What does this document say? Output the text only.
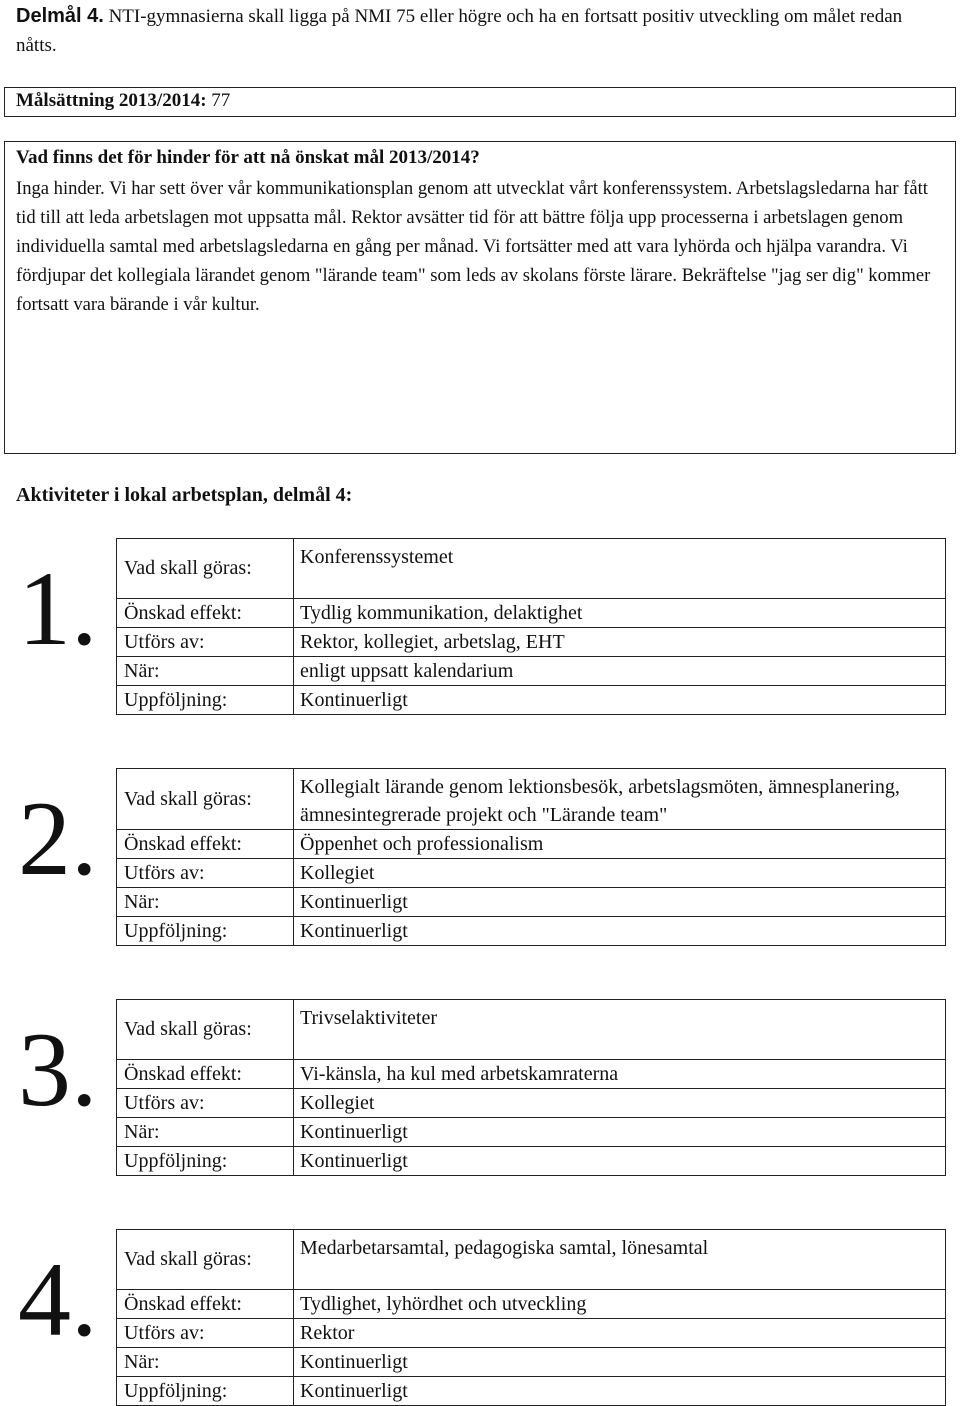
Delmål 4. NTI-gymnasierna skall ligga på NMI 75 eller högre och ha en fortsatt positiv utveckling om målet redan nåtts.
Målsättning 2013/2014: 77
Vad finns det för hinder för att nå önskat mål 2013/2014?
Inga hinder. Vi har sett över vår kommunikationsplan genom att utvecklat vårt konferenssystem. Arbetslagsledarna har fått tid till att leda arbetslagen mot uppsatta mål. Rektor avsätter tid för att bättre följa upp processerna i arbetslagen genom individuella samtal med arbetslagsledarna en gång per månad. Vi fortsätter med att vara lyhörda och hjälpa varandra. Vi fördjupar det kollegiala lärandet genom "lärande team" som leds av skolans förste lärare. Bekräftelse "jag ser dig" kommer fortsatt vara bärande i vår kultur.
Aktiviteter i lokal arbetsplan, delmål 4:
1. Vad skall göras:	Konferenssystemet
Önskad effekt:	Tydlig kommunikation, delaktighet
Utförs av:	Rektor, kollegiet, arbetslag, EHT
När:	enligt uppsatt kalendarium
Uppföljning:	Kontinuerligt
2. Vad skall göras:	Kollegialt lärande genom lektionsbesök, arbetslagsmöten, ämnesplanering, ämnesintegrerade projekt och "Lärande team"
Önskad effekt:	Öppenhet och professionalism
Utförs av:	Kollegiet
När:	Kontinuerligt
Uppföljning:	Kontinuerligt
3. Vad skall göras:	Trivselaktiviteter
Önskad effekt:	Vi-känsla, ha kul med arbetskamraterna
Utförs av:	Kollegiet
När:	Kontinuerligt
Uppföljning:	Kontinuerligt
4. Vad skall göras:	Medarbetarsamtal, pedagogiska samtal, lönesamtal
Önskad effekt:	Tydlighet, lyhördhet och utveckling
Utförs av:	Rektor
När:	Kontinuerligt
Uppföljning:	Kontinuerligt
